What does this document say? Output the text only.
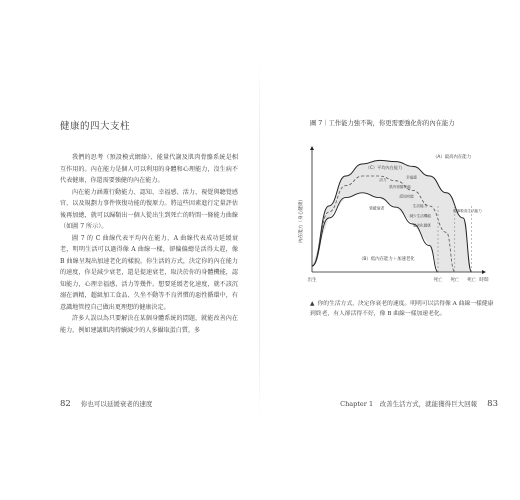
健康的四大支柱

我們的思考（預設模式網絡）、能量代謝及肌肉骨骼系統是相互作用的。內在能力是個人可以利用的身體和心理能力，沒生病不代表健康，你還需要強健的內在能力。

內在能力涵蓋行動能力、認知、幸福感、活力、視覺與聽覺感官，以及規劃力事件恢復功能的復原力。將這些因素進行定量評估後再加總，就可以歸類出一個人從出生到死亡的時間一條能力曲線（如圖 7 所示）。

圖 7 的 C 曲線代表平均內在能力，A 曲線代表成功延緩衰老，明明生活可以過得像 A 曲線一樣，卻偏偏總是活得太趕，像 B 曲線呈現出加速老化的樣貌。你生活的方式，決定你的內在能力的速度，你是減少衰老，還是提速衰老，取決於你的身體機能，認知能力，心理幸福感，活力等幾件。想要延緩老化速度，就不該沉溺在酒精，超級加工食品、久坐不動等不良習慣的惡性循環中，有意識地管控自己做出更理想的健康決定。

許多人誤以為只要解決在某個身體系統的問題，就能改善內在能力，例如建議肌肉持續減少的人多攝取蛋白質，多

82 你也可以延緩衰老的速度
圖 7｜工作能力強不夠，你更需要強化你的內在能力
內在能力（身心健康）
時間
出生	死亡 死亡 死亡
（C）平均內在能力
（A）最高內在能力
（B）低內在能力＋加速老化
延緩衰老
肌肉骨骼功能
認知功能
幸福感
活力
生活能力
減少生活機能
低劣化健康
從事較高生活能力
▲ 你的生活方式，決定你衰老的速度。明明可以活得像 A 曲線一樣健康到終老，有人卻活得不好，像 B 曲線一樣加速老化。
Chapter 1　改善生活方式，就能獲得巨大回報 83
